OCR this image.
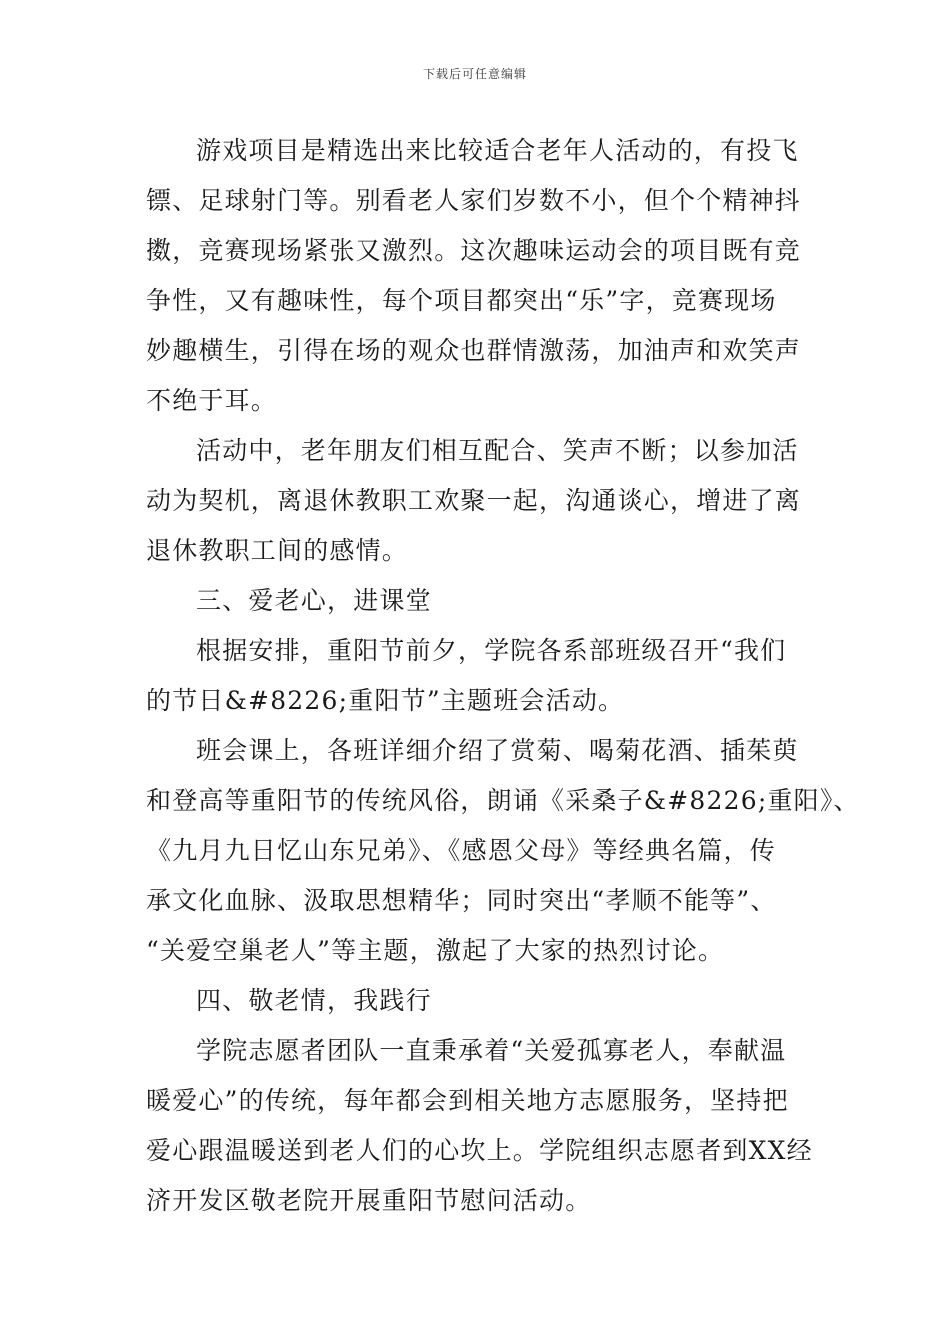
下载后可任意编辑
游戏项目是精选出来比较适合老年人活动的，有投飞
镖、足球射门等。别看老人家们岁数不小，但个个精神抖
擞，竞赛现场紧张又激烈。这次趣味运动会的项目既有竞
争性，又有趣味性，每个项目都突出“乐”字，竞赛现场
妙趣横生，引得在场的观众也群情激荡，加油声和欢笑声
不绝于耳。
活动中，老年朋友们相互配合、笑声不断；以参加活
动为契机，离退休教职工欢聚一起，沟通谈心，增进了离
退休教职工间的感情。
三、爱老心，进课堂
根据安排，重阳节前夕，学院各系部班级召开“我们
的节日&#8226;重阳节”主题班会活动。
班会课上，各班详细介绍了赏菊、喝菊花酒、插茱萸
和登高等重阳节的传统风俗，朗诵《采桑子&#8226;重阳》、
《九月九日忆山东兄弟》、《感恩父母》等经典名篇，传
承文化血脉、汲取思想精华；同时突出“孝顺不能等”、
“关爱空巢老人”等主题，激起了大家的热烈讨论。
四、敬老情，我践行
学院志愿者团队一直秉承着“关爱孤寡老人，奉献温
暖爱心”的传统，每年都会到相关地方志愿服务，坚持把
爱心跟温暖送到老人们的心坎上。学院组织志愿者到XX经
济开发区敬老院开展重阳节慰问活动。
